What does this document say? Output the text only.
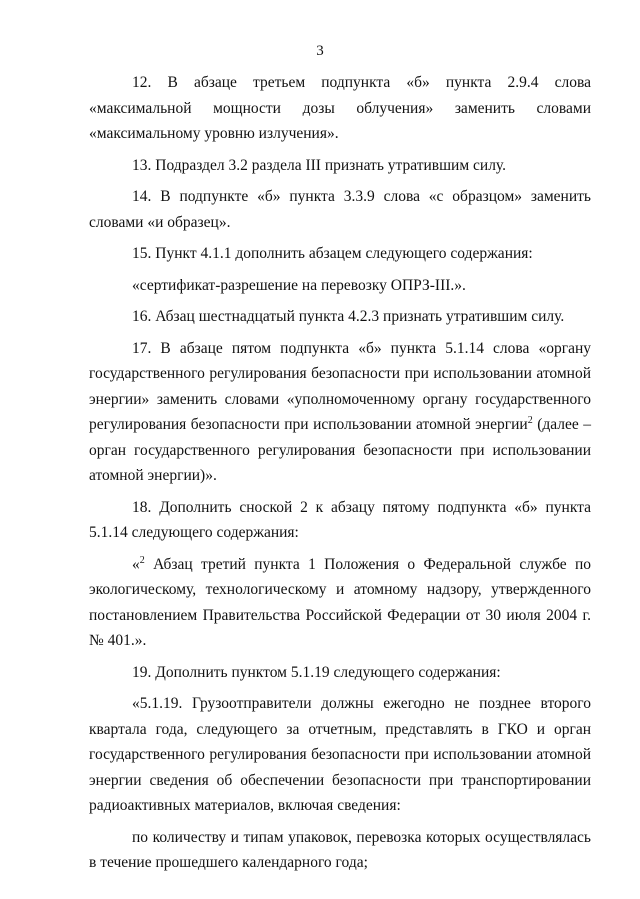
3

12. В абзаце третьем подпункта «б» пункта 2.9.4 слова «максимальной мощности дозы облучения» заменить словами «максимальному уровню излучения».

13. Подраздел 3.2 раздела III признать утратившим силу.

14. В подпункте «б» пункта 3.3.9 слова «с образцом» заменить словами «и образец».

15. Пункт 4.1.1 дополнить абзацем следующего содержания:

«сертификат-разрешение на перевозку ОПРЗ-III.».

16. Абзац шестнадцатый пункта 4.2.3 признать утратившим силу.

17. В абзаце пятом подпункта «б» пункта 5.1.14 слова «органу государственного регулирования безопасности при использовании атомной энергии» заменить словами «уполномоченному органу государственного регулирования безопасности при использовании атомной энергии$^2$ (далее – орган государственного регулирования безопасности при использовании атомной энергии)».

18. Дополнить сноской 2 к абзацу пятому подпункта «б» пункта 5.1.14 следующего содержания:

«$^2$ Абзац третий пункта 1 Положения о Федеральной службе по экологическому, технологическому и атомному надзору, утвержденного постановлением Правительства Российской Федерации от 30 июля 2004 г. № 401.».

19. Дополнить пунктом 5.1.19 следующего содержания:

«5.1.19. Грузоотправители должны ежегодно не позднее второго квартала года, следующего за отчетным, представлять в ГКО и орган государственного регулирования безопасности при использовании атомной энергии сведения об обеспечении безопасности при транспортировании радиоактивных материалов, включая сведения:

по количеству и типам упаковок, перевозка которых осуществлялась в течение прошедшего календарного года;
